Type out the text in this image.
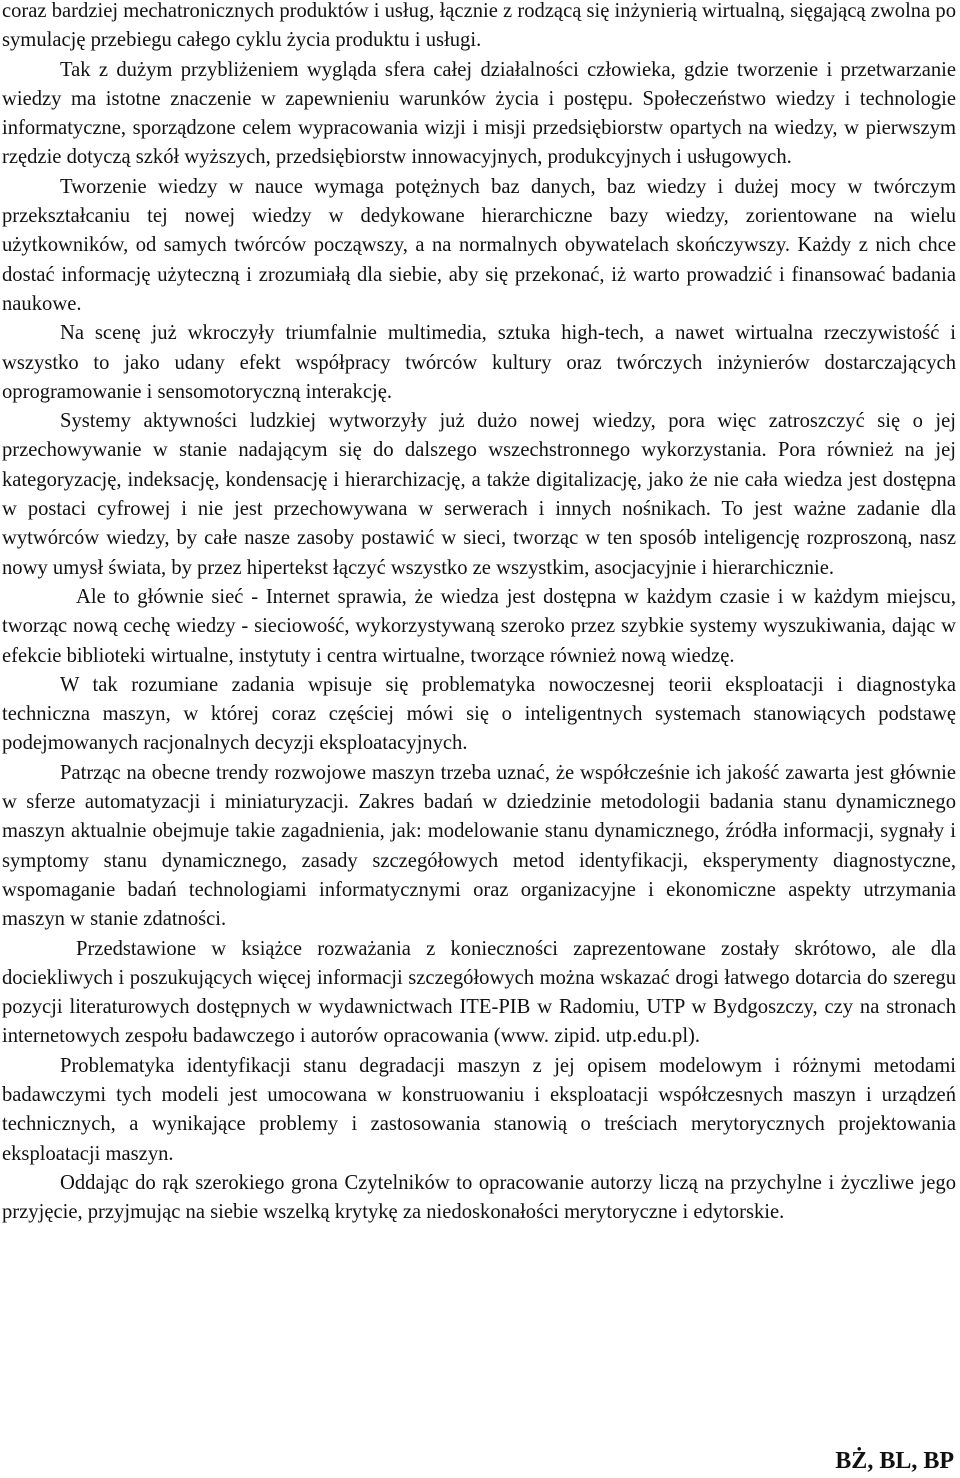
coraz bardziej mechatronicznych produktów i usług, łącznie z rodzącą się inżynierią wirtualną, sięgającą zwolna po symulację przebiegu całego cyklu życia produktu i usługi.

Tak z dużym przybliżeniem wygląda sfera całej działalności człowieka, gdzie tworzenie i przetwarzanie wiedzy ma istotne znaczenie w zapewnieniu warunków życia i postępu. Społeczeństwo wiedzy i technologie informatyczne, sporządzone celem wypracowania wizji i misji przedsiębiorstw opartych na wiedzy, w pierwszym rzędzie dotyczą szkół wyższych, przedsiębiorstw innowacyjnych, produkcyjnych i usługowych.

Tworzenie wiedzy w nauce wymaga potężnych baz danych, baz wiedzy i dużej mocy w twórczym przekształcaniu tej nowej wiedzy w dedykowane hierarchiczne bazy wiedzy, zorientowane na wielu użytkowników, od samych twórców począwszy, a na normalnych obywatelach skończywszy. Każdy z nich chce dostać informację użyteczną i zrozumiałą dla siebie, aby się przekonać, iż warto prowadzić i finansować badania naukowe.

Na scenę już wkroczyły triumfalnie multimedia, sztuka high-tech, a nawet wirtualna rzeczywistość i wszystko to jako udany efekt współpracy twórców kultury oraz twórczych inżynierów dostarczających oprogramowanie i sensomotoryczną interakcję.

Systemy aktywności ludzkiej wytworzyły już dużo nowej wiedzy, pora więc zatroszczyć się o jej przechowywanie w stanie nadającym się do dalszego wszechstronnego wykorzystania. Pora również na jej kategoryzację, indeksację, kondensację i hierarchizację, a także digitalizację, jako że nie cała wiedza jest dostępna w postaci cyfrowej i nie jest przechowywana w serwerach i innych nośnikach. To jest ważne zadanie dla wytwórców wiedzy, by całe nasze zasoby postawić w sieci, tworząc w ten sposób inteligencję rozproszoną, nasz nowy umysł świata, by przez hipertekst łączyć wszystko ze wszystkim, asocjacyjnie i hierarchicznie.

Ale to głównie sieć - Internet sprawia, że wiedza jest dostępna w każdym czasie i w każdym miejscu, tworząc nową cechę wiedzy - sieciowość, wykorzystywaną szeroko przez szybkie systemy wyszukiwania, dając w efekcie biblioteki wirtualne, instytuty i centra wirtualne, tworzące również nową wiedzę.

W tak rozumiane zadania wpisuje się problematyka nowoczesnej teorii eksploatacji i diagnostyka techniczna maszyn, w której coraz częściej mówi się o inteligentnych systemach stanowiących podstawę podejmowanych racjonalnych decyzji eksploatacyjnych.

Patrząc na obecne trendy rozwojowe maszyn trzeba uznać, że współcześnie ich jakość zawarta jest głównie w sferze automatyzacji i miniaturyzacji. Zakres badań w dziedzinie metodologii badania stanu dynamicznego maszyn aktualnie obejmuje takie zagadnienia, jak: modelowanie stanu dynamicznego, źródła informacji, sygnały i symptomy stanu dynamicznego, zasady szczegółowych metod identyfikacji, eksperymenty diagnostyczne, wspomaganie badań technologiami informatycznymi oraz organizacyjne i ekonomiczne aspekty utrzymania maszyn w stanie zdatności.

Przedstawione w książce rozważania z konieczności zaprezentowane zostały skrótowo, ale dla dociekliwych i poszukujących więcej informacji szczegółowych można wskazać drogi łatwego dotarcia do szeregu pozycji literaturowych dostępnych w wydawnictwach ITE-PIB w Radomiu, UTP w Bydgoszczy, czy na stronach internetowych zespołu badawczego i autorów opracowania (www. zipid. utp.edu.pl).

Problematyka identyfikacji stanu degradacji maszyn z jej opisem modelowym i różnymi metodami badawczymi tych modeli jest umocowana w konstruowaniu i eksploatacji współczesnych maszyn i urządzeń technicznych, a wynikające problemy i zastosowania stanowią o treściach merytorycznych projektowania eksploatacji maszyn.

Oddając do rąk szerokiego grona Czytelników to opracowanie autorzy liczą na przychylne i życzliwe jego przyjęcie, przyjmując na siebie wszelką krytykę za niedoskonałości merytoryczne i edytorskie.

BŻ, BL, BP
